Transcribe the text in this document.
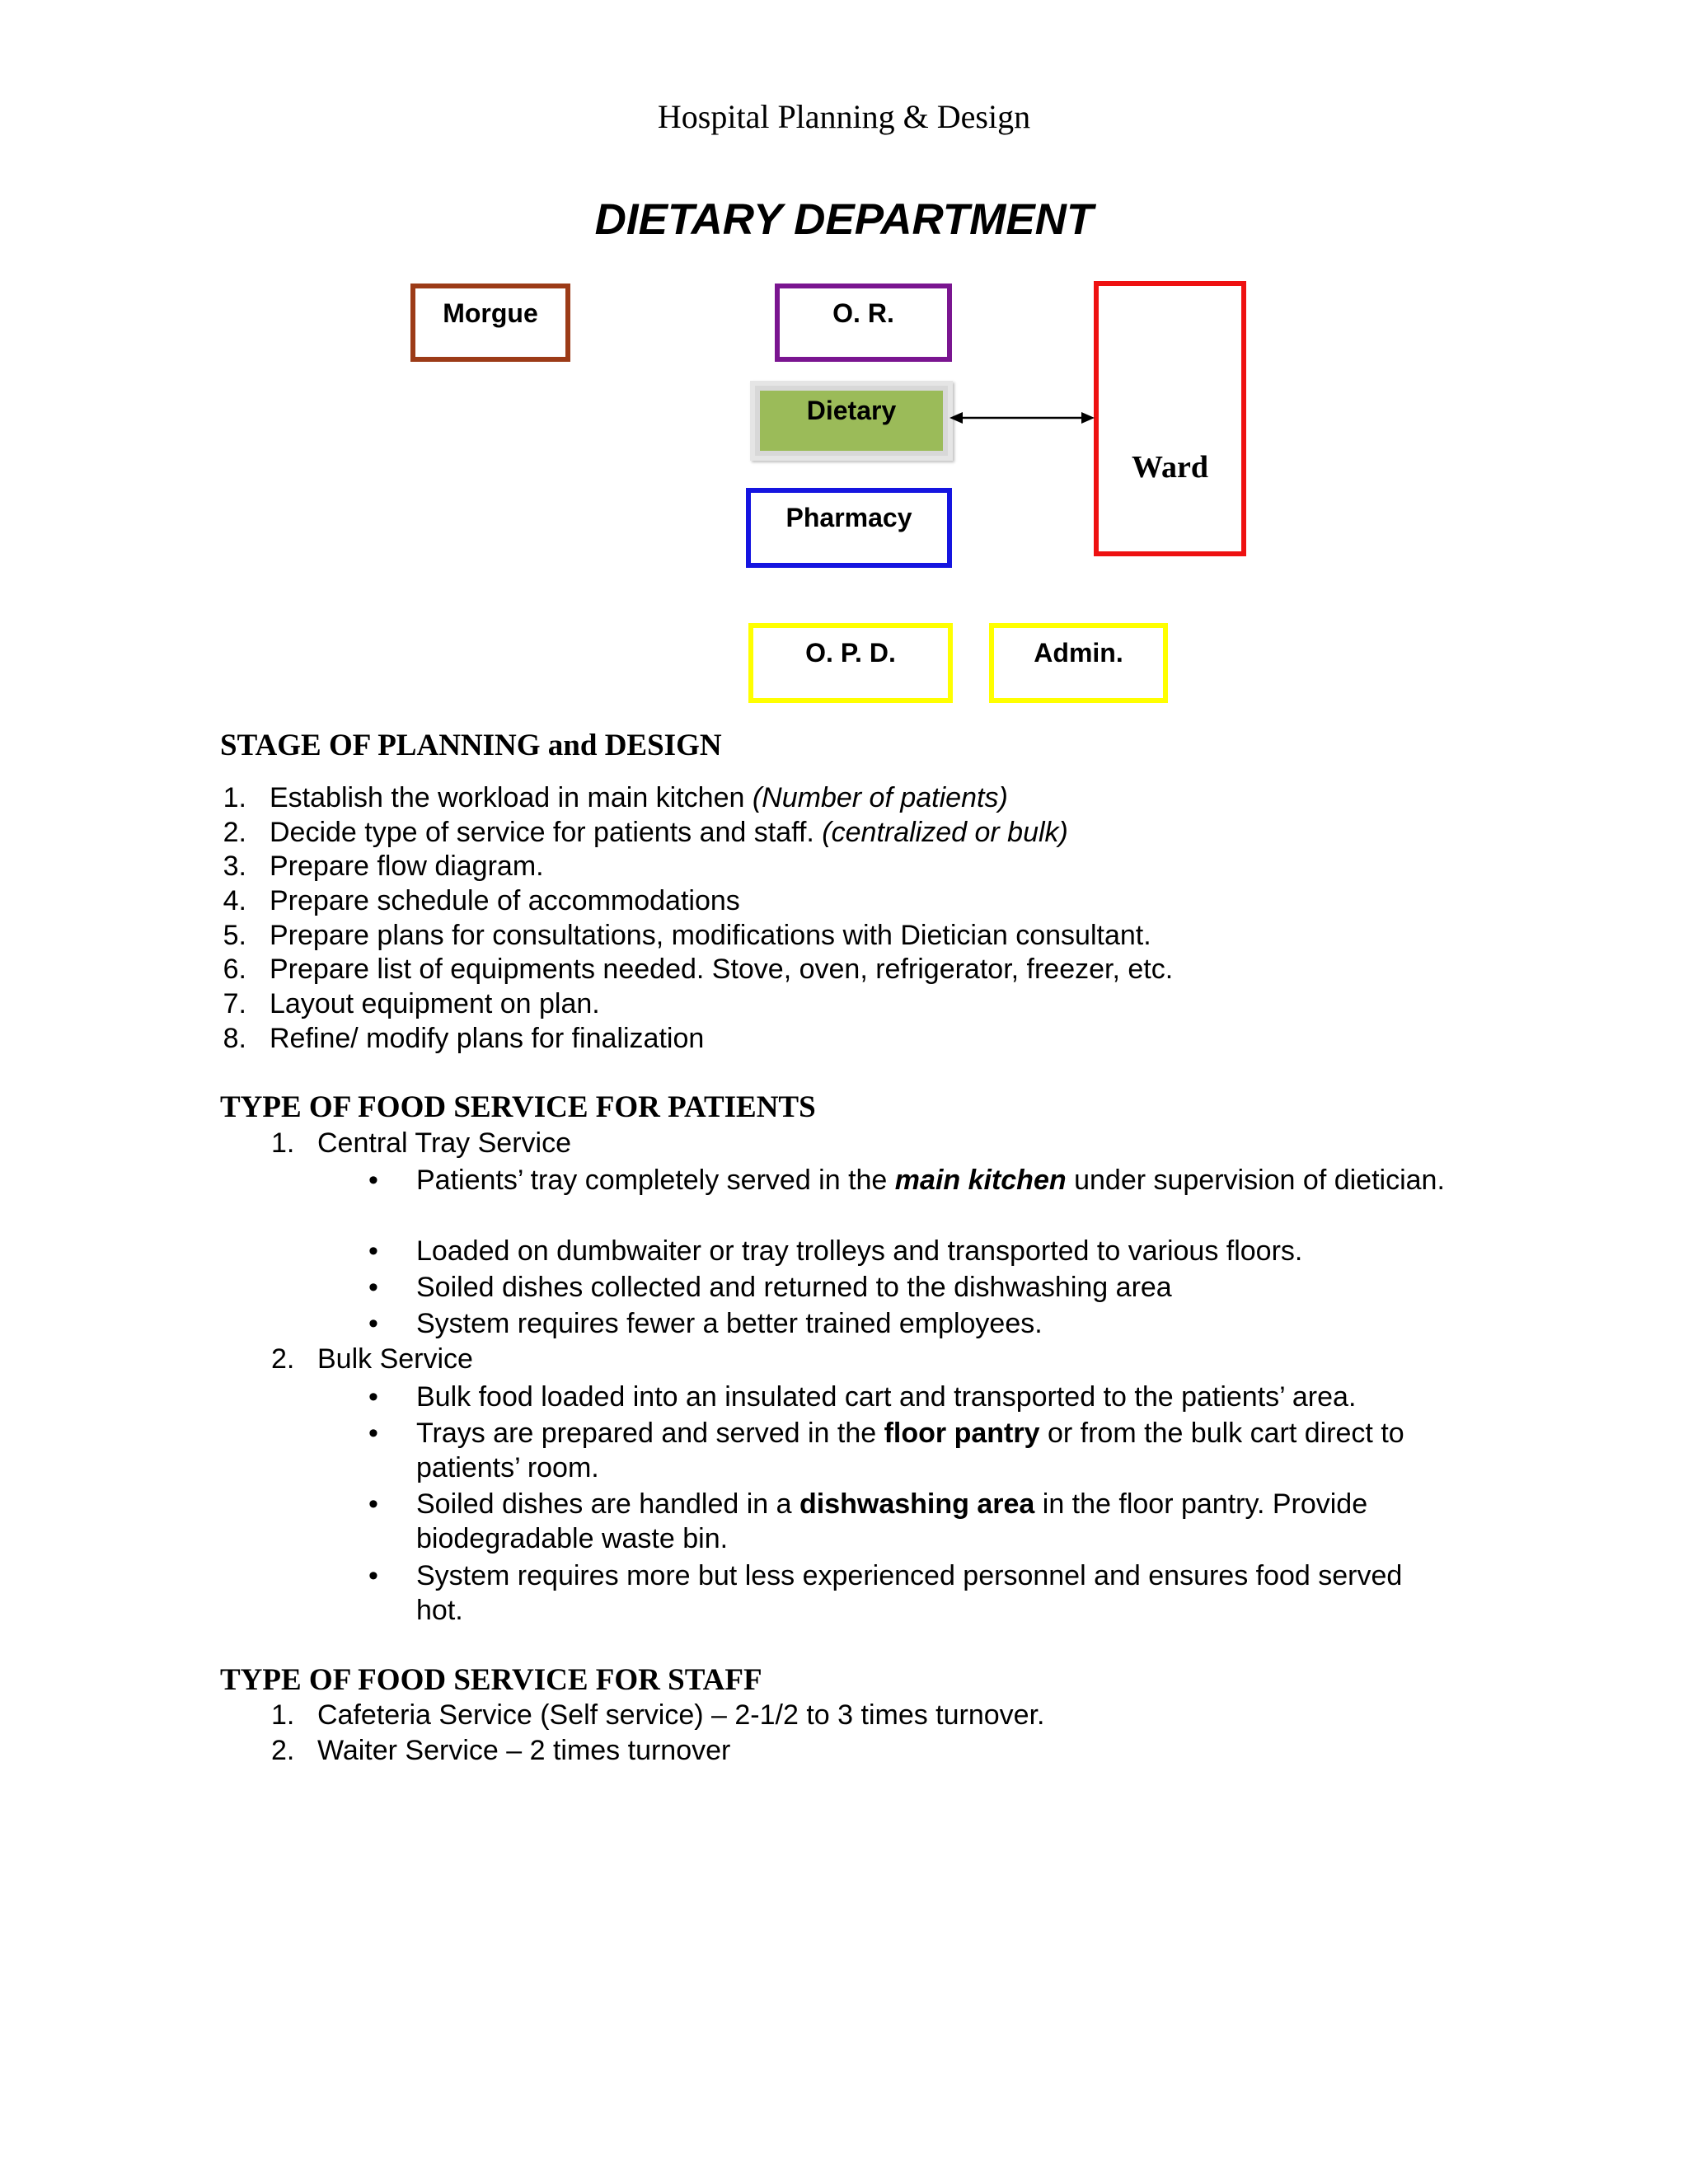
Hospital Planning & Design
DIETARY DEPARTMENT
Morgue	O. R.
Dietary
Pharmacy
Ward
O. P. D.	Admin.
STAGE OF PLANNING and DESIGN
1. Establish the workload in main kitchen (Number of patients)
2. Decide type of service for patients and staff. (centralized or bulk)
3. Prepare flow diagram.
4. Prepare schedule of accommodations
5. Prepare plans for consultations, modifications with Dietician consultant.
6. Prepare list of equipments needed. Stove, oven, refrigerator, freezer, etc.
7. Layout equipment on plan.
8. Refine/ modify plans for finalization
TYPE OF FOOD SERVICE FOR PATIENTS
1. Central Tray Service
• Patients’ tray completely served in the main kitchen under supervision of dietician.
• Loaded on dumbwaiter or tray trolleys and transported to various floors.
• Soiled dishes collected and returned to the dishwashing area
• System requires fewer a better trained employees.
2. Bulk Service
• Bulk food loaded into an insulated cart and transported to the patients’ area.
• Trays are prepared and served in the floor pantry or from the bulk cart direct to patients’ room.
• Soiled dishes are handled in a dishwashing area in the floor pantry. Provide biodegradable waste bin.
• System requires more but less experienced personnel and ensures food served hot.
TYPE OF FOOD SERVICE FOR STAFF
1. Cafeteria Service (Self service) – 2-1/2 to 3 times turnover.
2. Waiter Service – 2 times turnover
